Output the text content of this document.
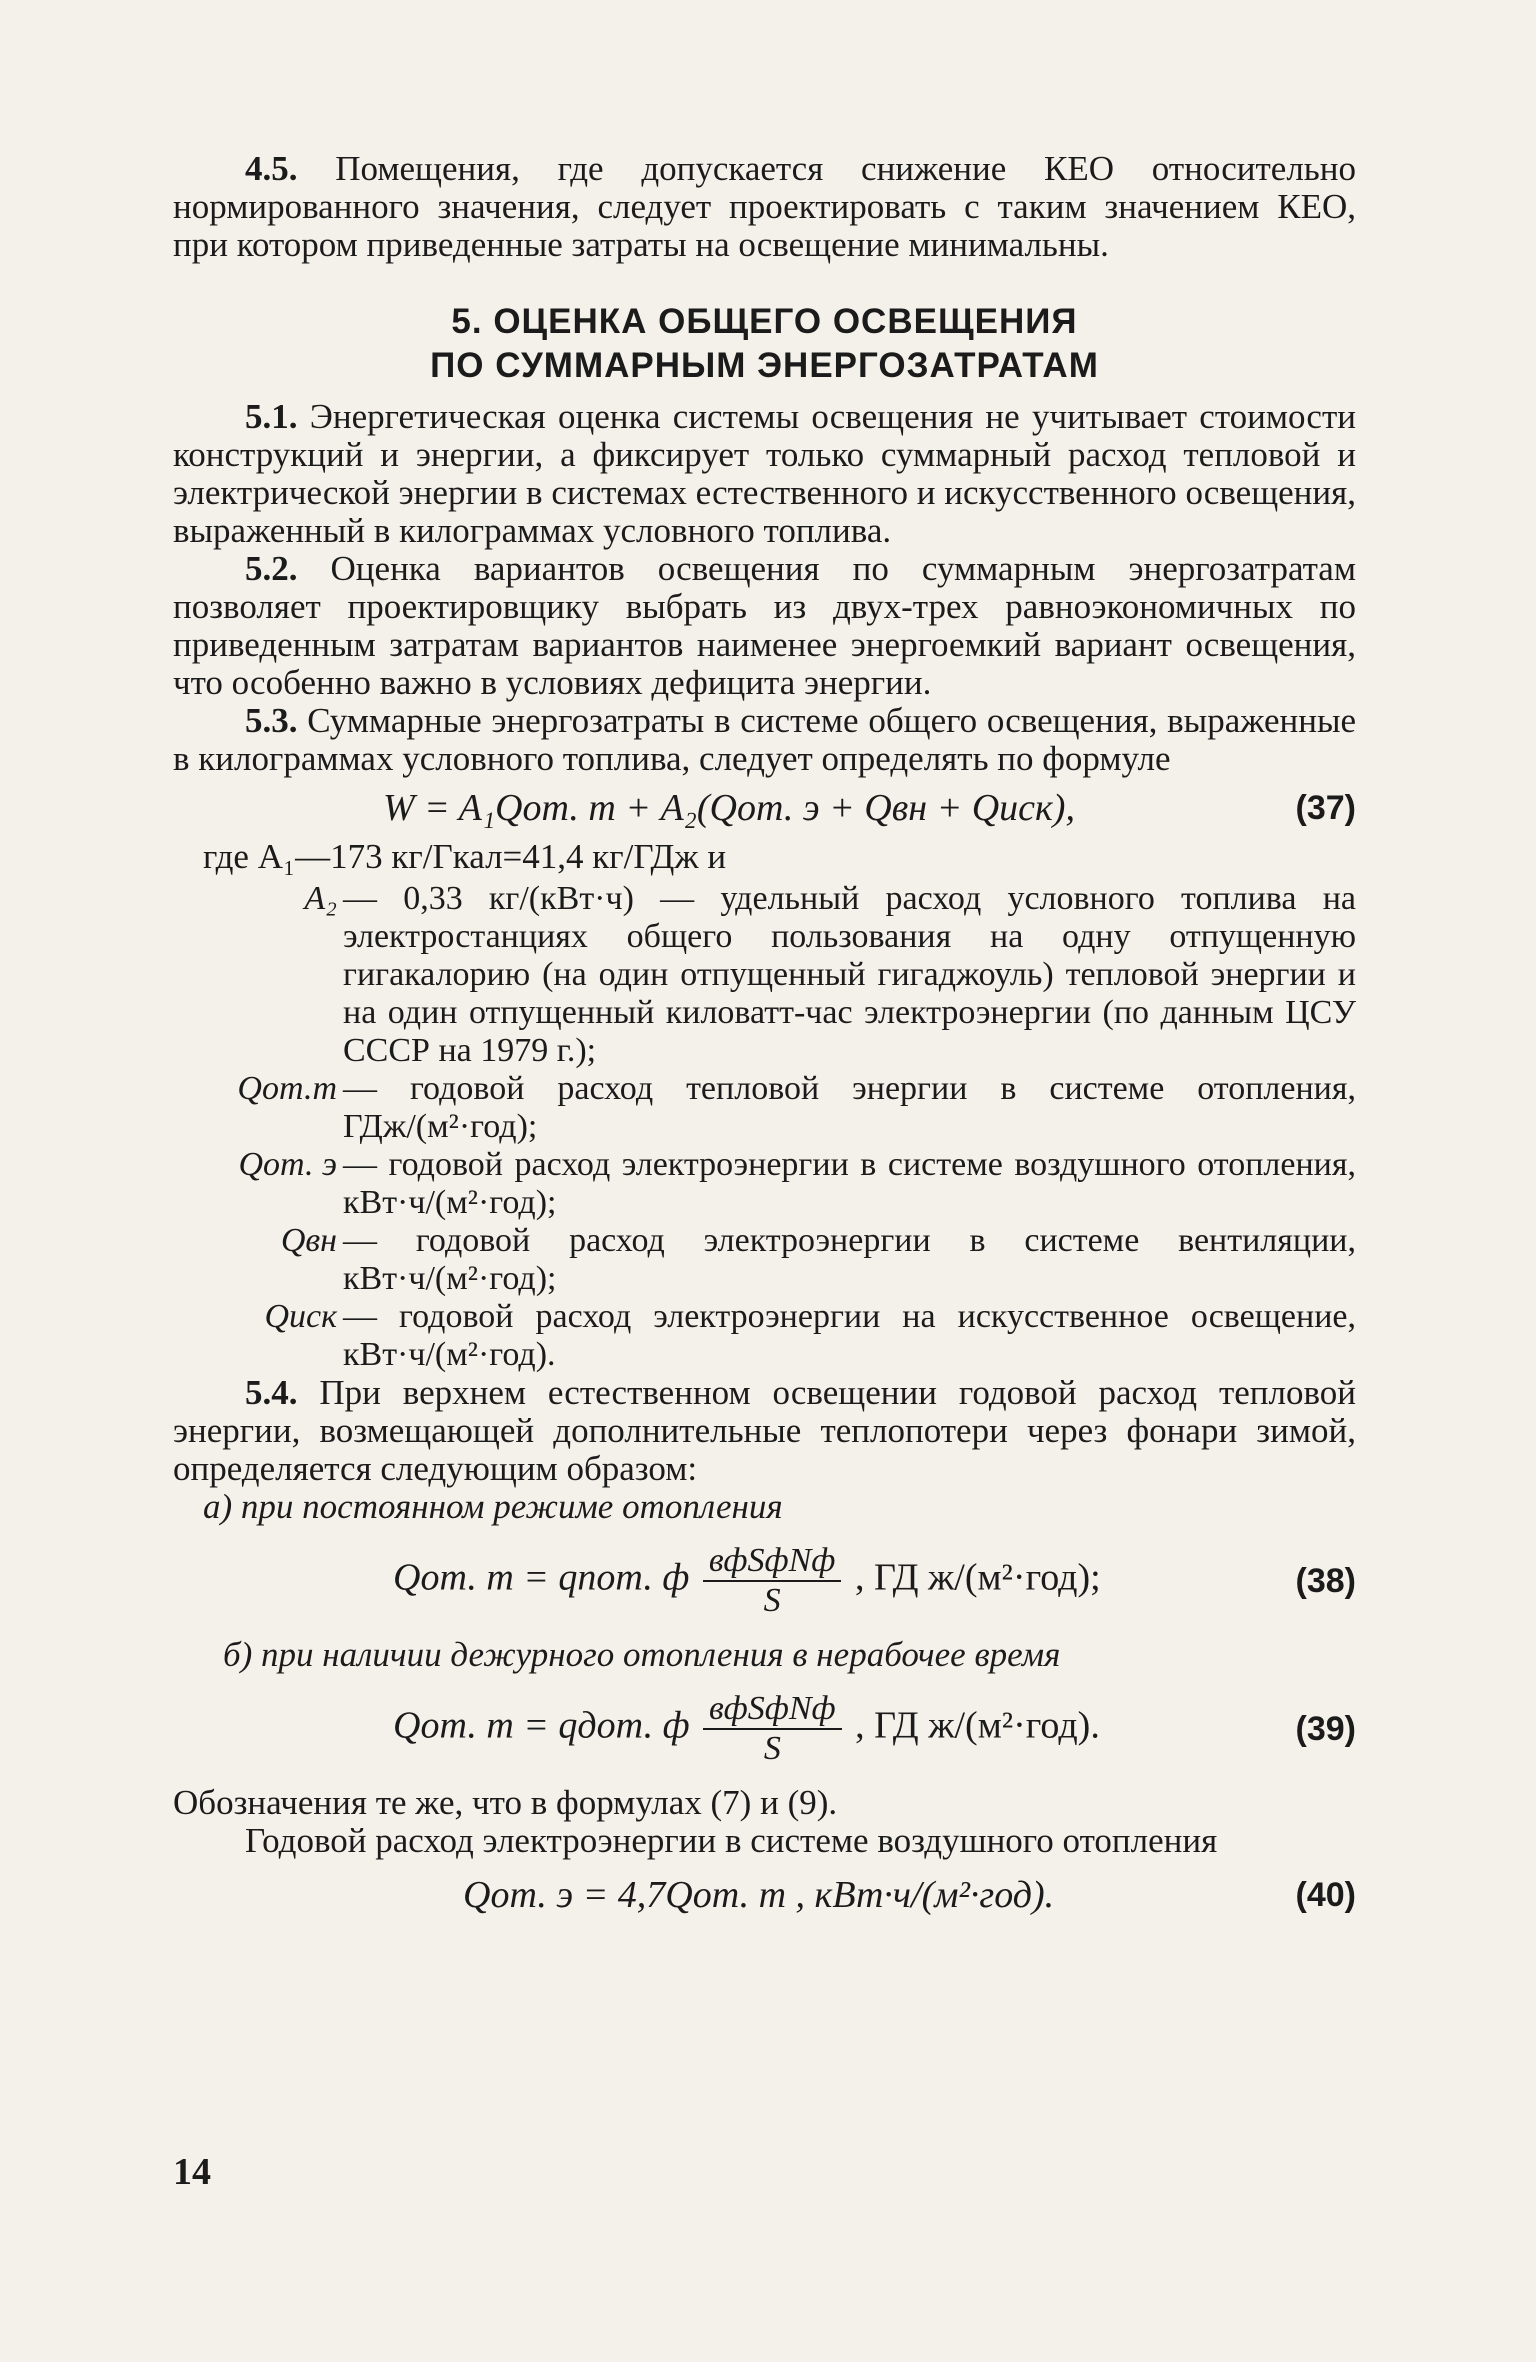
4.5. Помещения, где допускается снижение КЕО относительно нормированного значения, следует проектировать с таким значением КЕО, при котором приведенные затраты на освещение минимальны.

5. ОЦЕНКА ОБЩЕГО ОСВЕЩЕНИЯ
ПО СУММАРНЫМ ЭНЕРГОЗАТРАТАМ

5.1. Энергетическая оценка системы освещения не учитывает стоимости конструкций и энергии, а фиксирует только суммарный расход тепловой и электрической энергии в системах естественного и искусственного освещения, выраженный в килограммах условного топлива.

5.2. Оценка вариантов освещения по суммарным энергозатратам позволяет проектировщику выбрать из двух-трех равноэкономичных по приведенным затратам вариантов наименее энергоемкий вариант освещения, что особенно важно в условиях дефицита энергии.

5.3. Суммарные энергозатраты в системе общего освещения, выраженные в килограммах условного топлива, следует определять по формуле

W = A₁Qот. т + A₂(Qот. э + Qвн + Qиск),	(37)

где A₁—173 кг/Гкал=41,4 кг/ГДж и

A₂ — 0,33 кг/(кВт·ч) — удельный расход условного топлива на электростанциях общего пользования на одну отпущенную гигакалорию (на один отпущенный гигаджоуль) тепловой энергии и на один отпущенный киловатт-час электроэнергии (по данным ЦСУ СССР на 1979 г.);
Qот.т — годовой расход тепловой энергии в системе отопления, ГДж/(м²·год);
Qот. э — годовой расход электроэнергии в системе воздушного отопления, кВт·ч/(м²·год);
Qвн — годовой расход электроэнергии в системе вентиляции, кВт·ч/(м²·год);
Qиск — годовой расход электроэнергии на искусственное освещение, кВт·ч/(м²·год).

5.4. При верхнем естественном освещении годовой расход тепловой энергии, возмещающей дополнительные теплопотери через фонари зимой, определяется следующим образом:

а) при постоянном режиме отопления

Qот. т = qпот. ф $\frac{\text{вфSфNф}}{S}$ , ГД ж/(м²·год);	(38)

б) при наличии дежурного отопления в нерабочее время

Qот. т = qдот. ф $\frac{\text{вфSфNф}}{S}$ , ГД ж/(м²·год).	(39)

Обозначения те же, что в формулах (7) и (9).

Годовой расход электроэнергии в системе воздушного отопления

Qот. э = 4,7Qот. т , кВт·ч/(м²·год).	(40)
14
